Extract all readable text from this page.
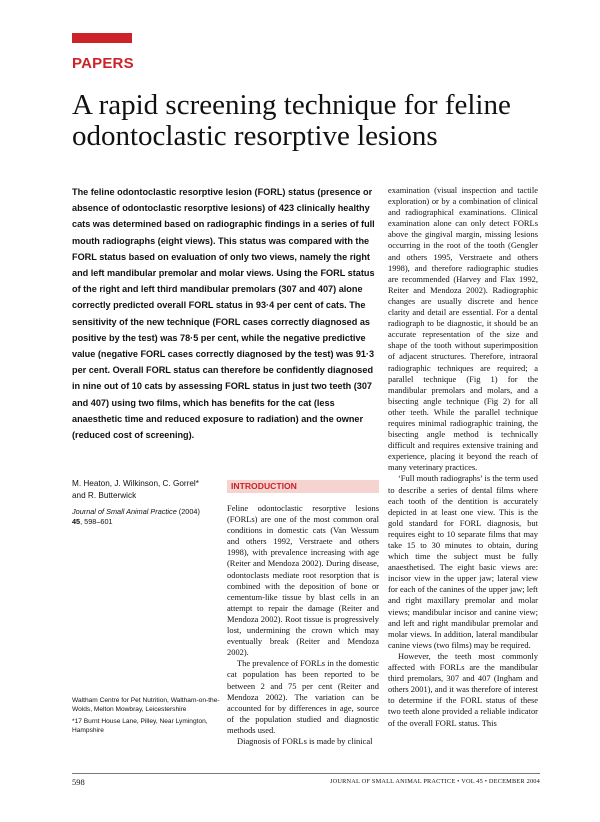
PAPERS
A rapid screening technique for feline odontoclastic resorptive lesions
The feline odontoclastic resorptive lesion (FORL) status (presence or absence of odontoclastic resorptive lesions) of 423 clinically healthy cats was determined based on radiographic findings in a series of full mouth radiographs (eight views). This status was compared with the FORL status based on evaluation of only two views, namely the right and left mandibular premolar and molar views. Using the FORL status of the right and left third mandibular premolars (307 and 407) alone correctly predicted overall FORL status in 93·4 per cent of cats. The sensitivity of the new technique (FORL cases correctly diagnosed as positive by the test) was 78·5 per cent, while the negative predictive value (negative FORL cases correctly diagnosed by the test) was 91·3 per cent. Overall FORL status can therefore be confidently diagnosed in nine out of 10 cats by assessing FORL status in just two teeth (307 and 407) using two films, which has benefits for the cat (less anaesthetic time and reduced exposure to radiation) and the owner (reduced cost of screening).
M. Heaton, J. Wilkinson, C. Gorrel*
and R. Butterwick
Journal of Small Animal Practice (2004)
45, 598–601
Waltham Centre for Pet Nutrition, Waltham-on-the-Wolds, Melton Mowbray, Leicestershire
*17 Burnt House Lane, Pilley, Near Lymington, Hampshire
INTRODUCTION

Feline odontoclastic resorptive lesions (FORLs) are one of the most common oral conditions in domestic cats (Van Wessum and others 1992, Verstraete and others 1998), with prevalence increasing with age (Reiter and Mendoza 2002). During disease, odontoclasts mediate root resorption that is combined with the deposition of bone or cementum-like tissue by blast cells in an attempt to repair the damage (Reiter and Mendoza 2002). Root tissue is progressively lost, undermining the crown which may eventually break (Reiter and Mendoza 2002).

The prevalence of FORLs in the domestic cat population has been reported to be between 2 and 75 per cent (Reiter and Mendoza 2002). The variation can be accounted for by differences in age, source of the population studied and diagnostic methods used.

Diagnosis of FORLs is made by clinical

examination (visual inspection and tactile exploration) or by a combination of clinical and radiographical examinations. Clinical examination alone can only detect FORLs above the gingival margin, missing lesions occurring in the root of the tooth (Gengler and others 1995, Verstraete and others 1998), and therefore radiographic studies are recommended (Harvey and Flax 1992, Reiter and Mendoza 2002). Radiographic changes are usually discrete and hence clarity and detail are essential. For a dental radiograph to be diagnostic, it should be an accurate representation of the size and shape of the tooth without superimposition of adjacent structures. Therefore, intraoral radiographic techniques are required; a parallel technique (Fig 1) for the mandibular premolars and molars, and a bisecting angle technique (Fig 2) for all other teeth. While the parallel technique requires minimal radiographic training, the bisecting angle method is technically difficult and requires extensive training and experience, placing it beyond the reach of many veterinary practices.

‘Full mouth radiographs’ is the term used to describe a series of dental films where each tooth of the dentition is accurately depicted in at least one view. This is the gold standard for FORL diagnosis, but requires eight to 10 separate films that may take 15 to 30 minutes to obtain, during which time the subject must be fully anaesthetised. The eight basic views are: incisor view in the upper jaw; lateral view for each of the canines of the upper jaw; left and right maxillary premolar and molar views; mandibular incisor and canine view; and left and right mandibular premolar and molar views. In addition, lateral mandibular canine views (two films) may be required.

However, the teeth most commonly affected with FORLs are the mandibular third premolars, 307 and 407 (Ingham and others 2001), and it was therefore of interest to determine if the FORL status of these two teeth alone provided a reliable indicator of the overall FORL status. This

598	JOURNAL OF SMALL ANIMAL PRACTICE • VOL 45 • DECEMBER 2004
